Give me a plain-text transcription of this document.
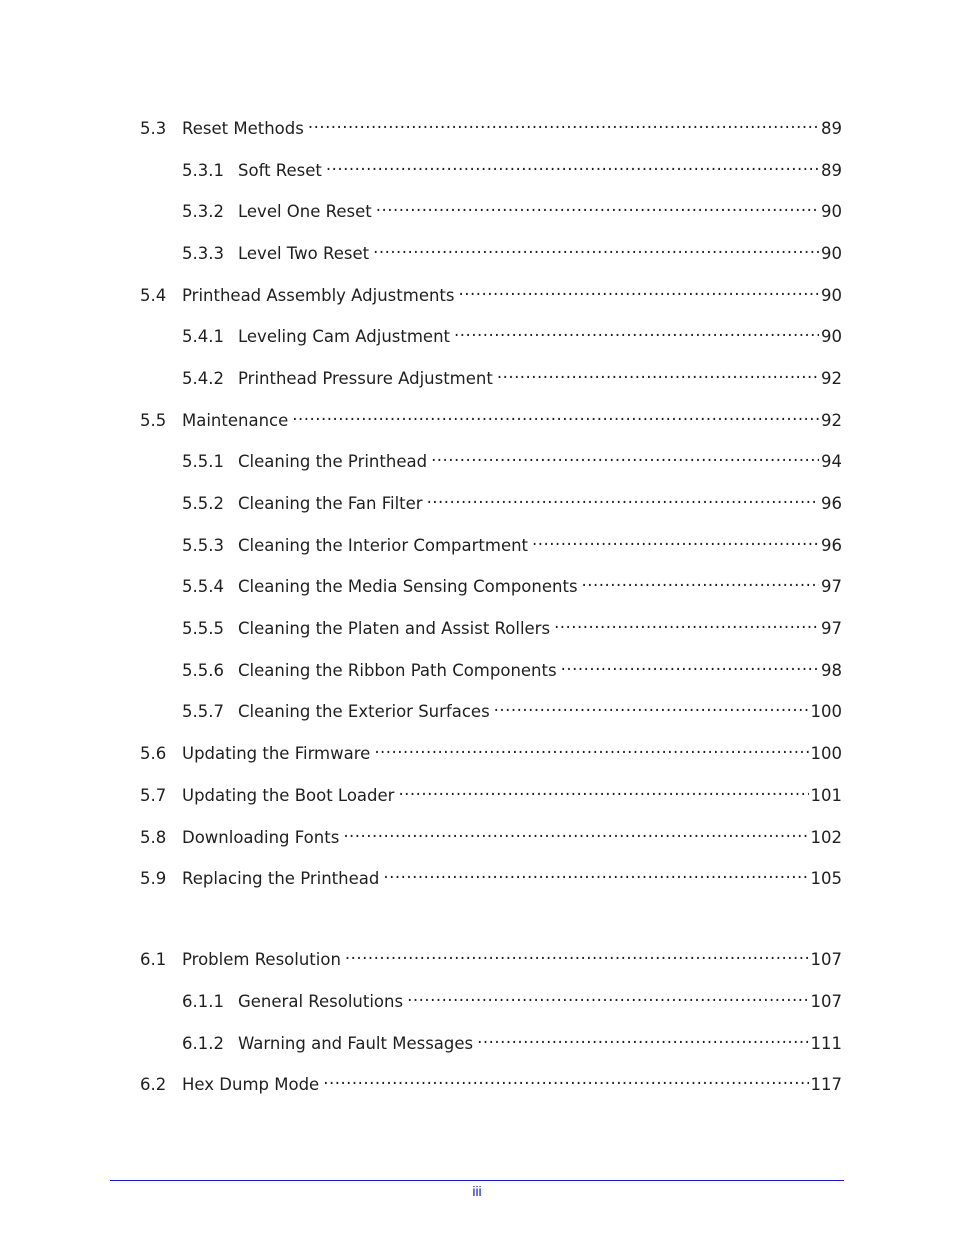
5.3 Reset Methods .....	89
5.3.1 Soft Reset .....	89
5.3.2 Level One Reset .....	90
5.3.3 Level Two Reset .....	90
5.4 Printhead Assembly Adjustments .....	90
5.4.1 Leveling Cam Adjustment .....	90
5.4.2 Printhead Pressure Adjustment .....	92
5.5 Maintenance .....	92
5.5.1 Cleaning the Printhead .....	94
5.5.2 Cleaning the Fan Filter .....	96
5.5.3 Cleaning the Interior Compartment .....	96
5.5.4 Cleaning the Media Sensing Components .....	97
5.5.5 Cleaning the Platen and Assist Rollers .....	97
5.5.6 Cleaning the Ribbon Path Components .....	98
5.5.7 Cleaning the Exterior Surfaces .....	100
5.6 Updating the Firmware .....	100
5.7 Updating the Boot Loader .....	101
5.8 Downloading Fonts .....	102
5.9 Replacing the Printhead .....	105
6.1 Problem Resolution .....	107
6.1.1 General Resolutions .....	107
6.1.2 Warning and Fault Messages .....	111
6.2 Hex Dump Mode .....	117
iii
